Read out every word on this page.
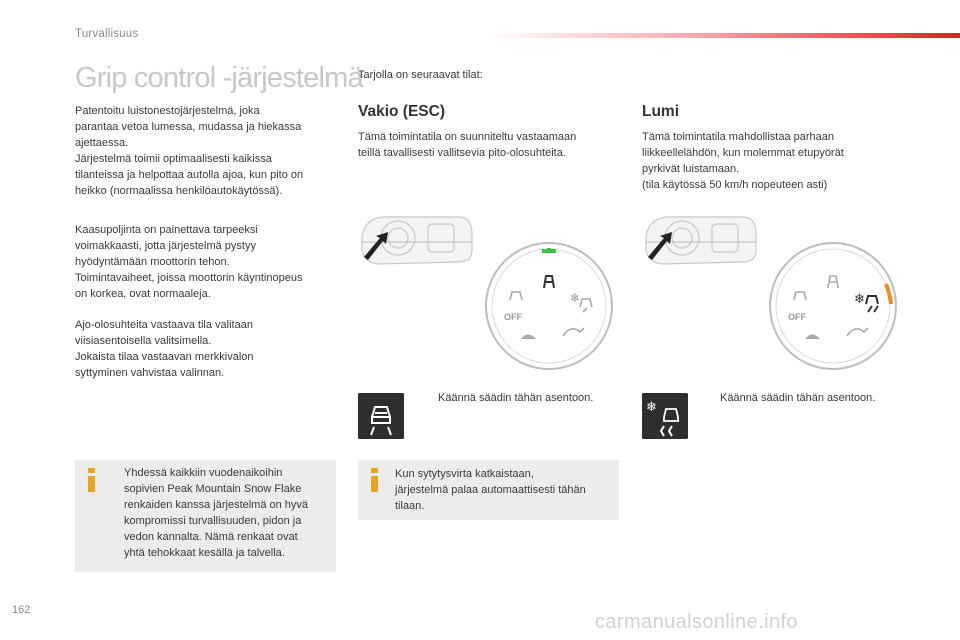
Turvallisuus
Grip control -järjestelmä

Patentoitu luistonestojärjestelmä, joka

parantaa vetoa lumessa, mudassa ja hiekassa

ajettaessa.

Järjestelmä toimii optimaalisesti kaikissa

tilanteissa ja helpottaa autolla ajoa, kun pito on

heikko (normaalissa henkilöautokäytössä).

Kaasupoljinta on painettava tarpeeksi

voimakkaasti, jotta järjestelmä pystyy

hyödyntämään moottorin tehon.

Toimintavaiheet, joissa moottorin käyntinopeus

on korkea, ovat normaaleja.

Ajo-olosuhteita vastaava tila valitaan

viisiasentoisella valitsimella.

Jokaista tilaa vastaavan merkkivalon

syttyminen vahvistaa valinnan.

Yhdessä kaikkiin vuodenaikoihin
sopivien Peak Mountain Snow Flake
renkaiden kanssa järjestelmä on hyvä
kompromissi turvallisuuden, pidon ja
vedon kannalta. Nämä renkaat ovat
yhtä tehokkaat kesällä ja talvella.
Tarjolla on seuraavat tilat:
Vakio (ESC)

Tämä toimintatila on suunniteltu vastaamaan

teillä tavallisesti vallitsevia pito-olosuhteita.

❄
OFF
Käännä säädin tähän asentoon.
Kun sytytysvirta katkaistaan,
järjestelmä palaa automaattisesti tähän
tilaan.
Lumi

Tämä toimintatila mahdollistaa parhaan

liikkeellelähdön, kun molemmat etupyörät

pyrkivät luistamaan.

(tila käytössä 50 km/h nopeuteen asti)

❄
OFF
❄
Käännä säädin tähän asentoon.
162
carmanualsonline.info
